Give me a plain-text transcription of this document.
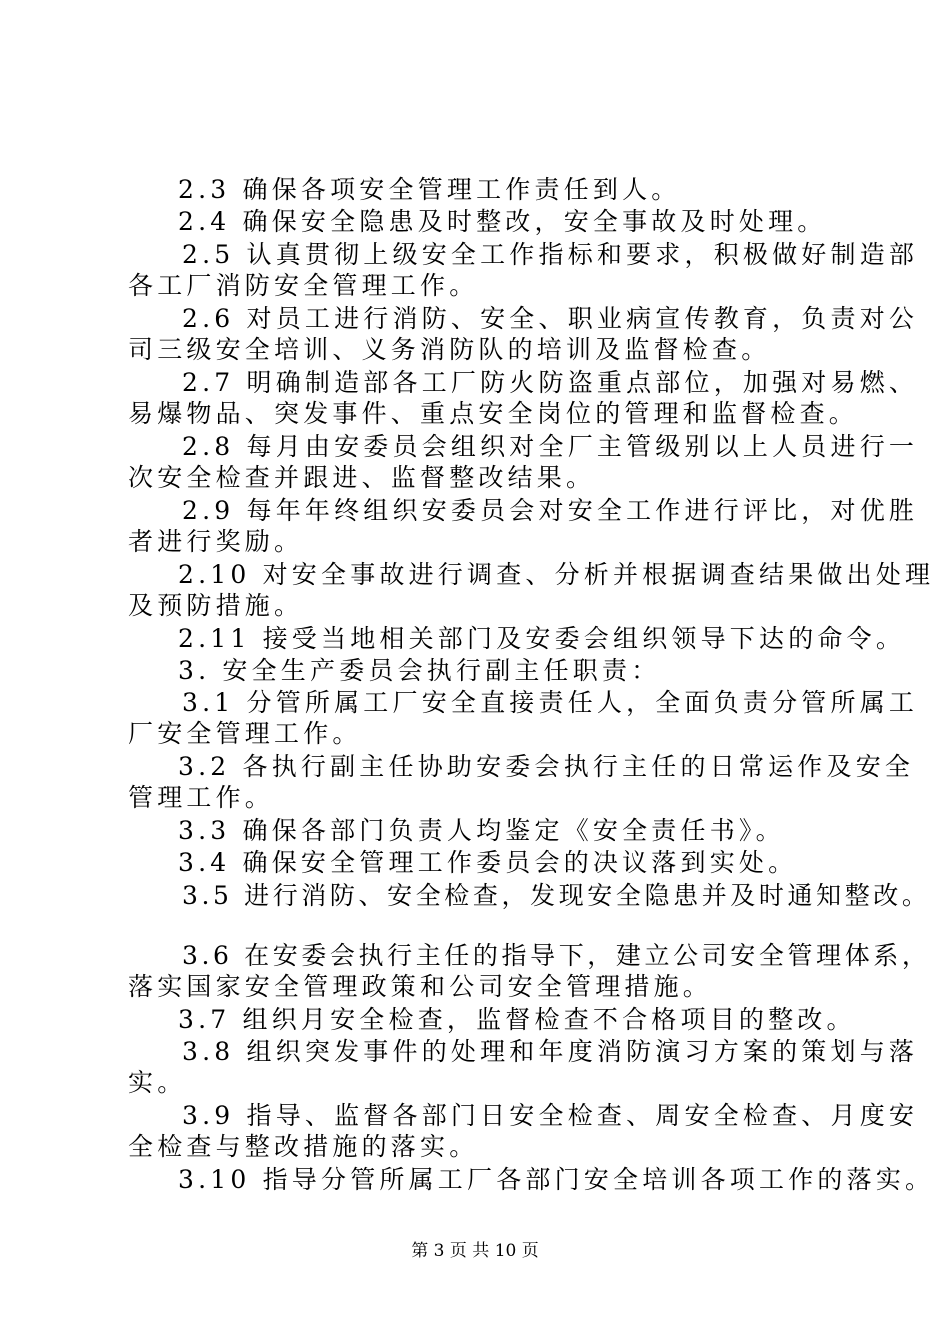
2.3 确保各项安全管理工作责任到人。
2.4 确保安全隐患及时整改，安全事故及时处理。
2.5 认真贯彻上级安全工作指标和要求，积极做好制造部
各工厂消防安全管理工作。
2.6 对员工进行消防、安全、职业病宣传教育，负责对公
司三级安全培训、义务消防队的培训及监督检查。
2.7 明确制造部各工厂防火防盗重点部位，加强对易燃、
易爆物品、突发事件、重点安全岗位的管理和监督检查。
2.8 每月由安委员会组织对全厂主管级别以上人员进行一
次安全检查并跟进、监督整改结果。
2.9 每年年终组织安委员会对安全工作进行评比，对优胜
者进行奖励。
2.10 对安全事故进行调查、分析并根据调查结果做出处理
及预防措施。
2.11 接受当地相关部门及安委会组织领导下达的命令。
3. 安全生产委员会执行副主任职责：
3.1 分管所属工厂安全直接责任人，全面负责分管所属工
厂安全管理工作。
3.2 各执行副主任协助安委会执行主任的日常运作及安全
管理工作。
3.3 确保各部门负责人均鉴定《安全责任书》。
3.4 确保安全管理工作委员会的决议落到实处。
3.5 进行消防、安全检查，发现安全隐患并及时通知整改。
3.6 在安委会执行主任的指导下，建立公司安全管理体系，
落实国家安全管理政策和公司安全管理措施。
3.7 组织月安全检查，监督检查不合格项目的整改。
3.8 组织突发事件的处理和年度消防演习方案的策划与落
实。
3.9 指导、监督各部门日安全检查、周安全检查、月度安
全检查与整改措施的落实。
3.10 指导分管所属工厂各部门安全培训各项工作的落实。
第 3 页 共 10 页
